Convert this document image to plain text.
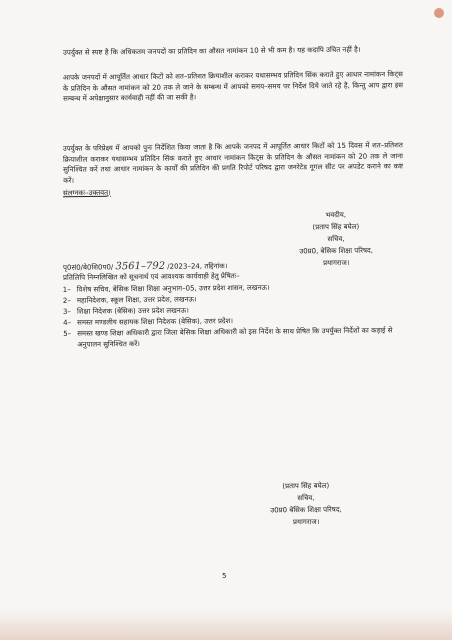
उपर्युक्त से स्पष्ट है कि अधिकतम जनपदों का प्रतिदिन का औसत नामांकन 10 से भी कम है। यह कदापि उचित नहीं है।

आपके जनपदों में आपूर्तित आधार किटों को शत–प्रतिशत क्रियाशील कराकर यथासम्भव प्रतिदिन सिंक कराते हुए आधार नामांकन किट्स के प्रतिदिन के औसत नामांकन को 20 तक ले जाने के सम्बन्ध में आपको समय–समय पर निर्देश दिये जाते रहे है, किन्तु आप द्वारा इस सम्बन्ध में अपेक्षानुसार कार्यवाही नहीं की जा सकी है।

उपर्युक्त के परिप्रेक्ष्य में आपको पुनः निर्देशित किया जाता है कि आपके जनपद में आपूर्तित आधार किटों को 15 दिवस में शत–प्रतिशत क्रियाशील कराकर यथासम्भव प्रतिदिन सिंक कराते हुए आधार नामांकन किट्स के प्रतिदिन के औसत नामांकन को 20 तक ले जाना सुनिश्चित करें तथा आधार नामांकन के कार्यों की प्रतिदिन की प्रगति रिपोर्ट परिषद द्वारा जनरेटेड गूगल सीट पर अपडेट कराने का कष्ट करें।

संलग्नकः–उक्तवत्।
भवदीय,
(प्रताप सिंह बघेल)
सचिव,
उ0प्र0, बेसिक शिक्षा परिषद,
प्रयागराज।
पृ0सं0/बे0शि0प0/ 3561–792 /2023–24, तद्दिनांक।
प्रतिलिपि निम्नलिखित को सूचनार्थ एवं आवश्यक कार्यवाही हेतु प्रेषितः–
1– विशेष सचिव, बेसिक शिक्षा शिक्षा अनुभाग–05, उत्तर प्रदेश शासन, लखनऊ।
2– महानिदेशक, स्कूल शिक्षा, उत्तर प्रदेश, लखनऊ।
3– शिक्षा निदेशक (बेसिक) उत्तर प्रदेश लखनऊ।
4– समस्त मण्डलीय सहायक शिक्षा निदेशक (बेसिक), उत्तर प्रदेश।
5– समस्त खण्ड शिक्षा अधिकारी द्वारा जिला बेसिक शिक्षा अधिकारी को इस निर्देश के साथ प्रेषित कि उपर्युक्त निर्देशों का कड़ाई से अनुपालन सुनिश्चित करें।
(प्रताप सिंह बघेल)
सचिव,
उ0प्र0 बेसिक शिक्षा परिषद,
प्रयागराज।
5
